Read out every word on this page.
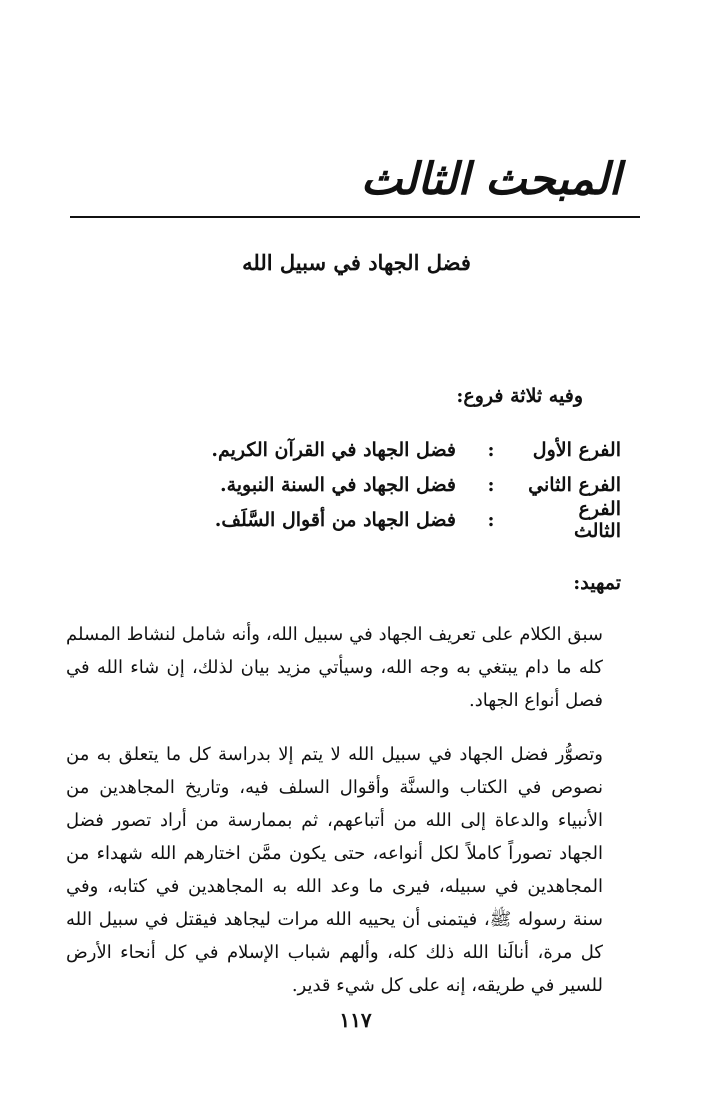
المبحث الثالث
فضل الجهاد في سبيل الله
وفيه ثلاثة فروع:
الفرع الأول
:
فضل الجهاد في القرآن الكريم.
الفرع الثاني
:
فضل الجهاد في السنة النبوية.
الفرع الثالث
:
فضل الجهاد من أقوال السَّلَف.
تمهيد:

سبق الكلام على تعريف الجهاد في سبيل الله، وأنه شامل لنشاط المسلم كله ما دام يبتغي به وجه الله، وسيأتي مزيد بيان لذلك، إن شاء الله في فصل أنواع الجهاد.

وتصوُّر فضل الجهاد في سبيل الله لا يتم إلا بدراسة كل ما يتعلق به من نصوص في الكتاب والسنَّة وأقوال السلف فيه، وتاريخ المجاهدين من الأنبياء والدعاة إلى الله من أتباعهم، ثم بممارسة من أراد تصور فضل الجهاد تصوراً كاملاً لكل أنواعه، حتى يكون ممَّن اختارهم الله شهداء من المجاهدين في سبيله، فيرى ما وعد الله به المجاهدين في كتابه، وفي سنة رسوله ﷺ، فيتمنى أن يحييه الله مرات ليجاهد فيقتل في سبيل الله كل مرة، أنالَنا الله ذلك كله، وألهم شباب الإسلام في كل أنحاء الأرض للسير في طريقه، إنه على كل شيء قدير.

١١٧
